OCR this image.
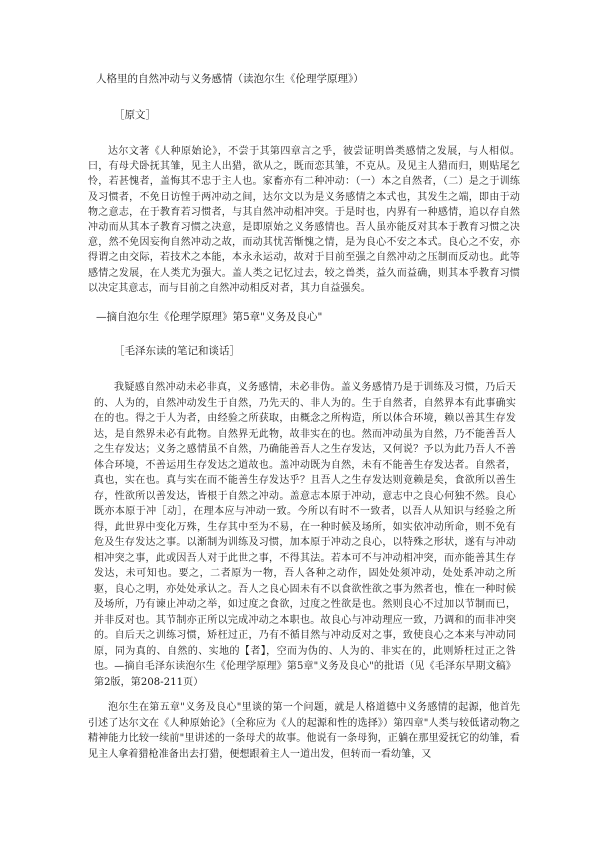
人格里的自然冲动与义务感情（读泡尔生《伦理学原理》）
［原文］

达尔文著《人种原始论》，不尝于其第四章言之乎，彼尝证明兽类感情之发展，与人相似。曰，有母犬卧抚其雏，见主人出猎，欲从之，既而恋其雏，不克从。及见主人猎而归，则贴尾乞怜，若甚愧者，盖悔其不忠于主人也。家畜亦有二种冲动：（一）本之自然者，（二）是之于训练及习惯者，不免日访惶于两冲动之间，达尔文以为是义务感情之本式也，其发生之端，即由于动物之意志，在于教育若习惯者，与其自然冲动相冲突。于是时也，内界有一种感情，追以存自然冲动而从其本子教育习惯之决意，是即原始之义务感情也。吾人虽亦能反对其本于教育习惯之决意，然不免因妄徇自然冲动之故，而动其忧苦惭愧之情，是为良心不安之本式。良心之不安，亦得谓之由交际，若技术之本能，本永永运动，故对于目前至强之自然冲动之压制而反动也。此等感情之发展，在人类尤为强大。盖人类之记忆过去，较之兽类，益久而益确，则其本乎教育习惯以决定其意志，而与目前之自然冲动相反对者，其力自益强矣。

—摘自泡尔生《伦理学原理》第5章"义务及良心"
［毛泽东读的笔记和谈话］

我疑感自然冲动未必非真，义务感情，未必非伪。盖义务感情乃是于训练及习惯，乃后天的、人为的，自然冲动发生于自然，乃先天的、非人为的。生于自然者，自然界本有此事确实在的也。得之于人为者，由经验之所获取，由概念之所构造，所以体合环境，赖以善其生存发达，是自然界未必有此物。自然界无此物，故非实在的也。然而冲动虽为自然，乃不能善吾人之生存发达；义务之感情虽不自然，乃确能善吾人之生存发达，又何说？予以为此乃吾人不善体合环境，不善运用生存发达之道故也。盖冲动既为自然，未有不能善生存发达者。自然者，真也，实在也。真与实在而不能善生存发达乎？且吾人之生存发达则竟赖是矣，食欲所以善生存，性欲所以善发达，皆根于自然之冲动。盖意志本原于冲动，意志中之良心何独不然。良心既亦本原于冲［动］，在理本应与冲动一致。今所以有时不一致者，以吾人从知识与经验之所得，此世界中变化万殊，生存其中至为不易，在一种时候及场所，如实依冲动所命，则不免有危及生存发达之事。以渐制为训练及习惯，加本原于冲动之良心，以特殊之形状，遂有与冲动相冲突之事，此或因吾人对于此世之事，不得其法。若本可不与冲动相冲突，而亦能善其生存发达，未可知也。要之，二者原为一物，吾人各种之动作，固处处须冲动，处处系冲动之所驱，良心之明，亦处处承认之。吾人之良心固未有不以食欲性欲之事为然者也，惟在一种时候及场所，乃有谏止冲动之举，如过度之食欲，过度之性欲是也。然则良心不过加以节制而已，并非反对也。其节制亦正所以完成冲动之本职也。故良心与冲动理应一致，乃调和的而非冲突的。自后天之训练习惯，矫枉过正，乃有不循目然与冲动反对之事，致使良心之本来与冲动同原，同为真的、自然的、实地的【者】，空而为伪的、人为的、非实在的，此则矫枉过正之咎也。—摘自毛泽东读泡尔生《伦理学原理》第5章"义务及良心"的批语（见《毛泽东早期文稿》第2版，第208-211页）

泡尔生在第五章"义务及良心"里谈的第一个问题，就是人格道德中义务感情的起源，他首先引述了达尔文在《人种原始论》（全称应为《人的起源和性的选择》）第四章"人类与较低诸动物之精神能力比较一续前"里讲述的一条母犬的故事。他说有一条母狗，正躺在那里爱抚它的幼雏，看见主人拿着猎枪准备出去打猎，便想跟着主人一道出发，但转而一看幼雏，又
